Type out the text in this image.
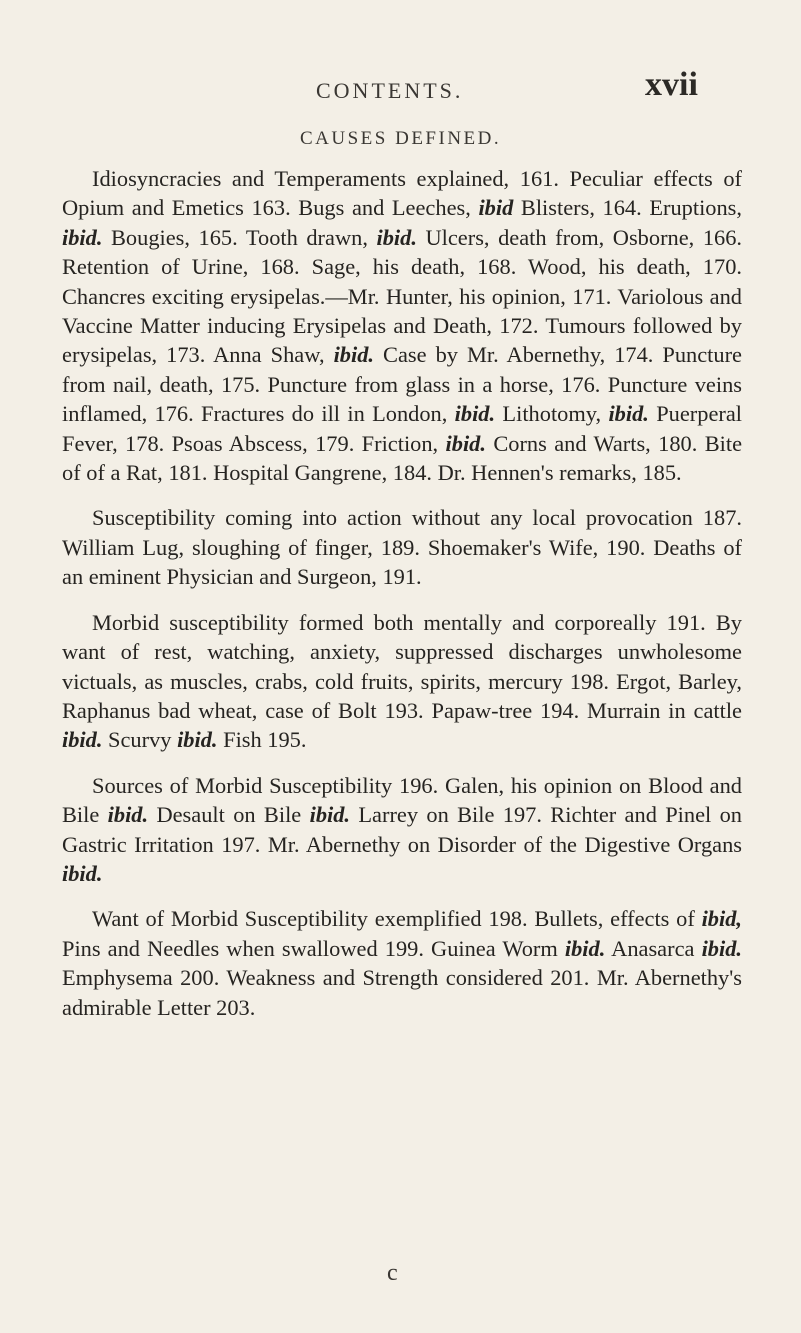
CONTENTS.	xvii
CAUSES DEFINED.

Idiosyncracies and Temperaments explained, 161. Peculiar effects of Opium and Emetics 163. Bugs and Leeches, ibid Blisters, 164. Eruptions, ibid. Bougies, 165. Tooth drawn, ibid. Ulcers, death from, Osborne, 166. Retention of Urine, 168. Sage, his death, 168. Wood, his death, 170. Chancres exciting erysipelas.—Mr. Hunter, his opinion, 171. Variolous and Vaccine Matter inducing Erysipelas and Death, 172. Tumours followed by erysipelas, 173. Anna Shaw, ibid. Case by Mr. Abernethy, 174. Puncture from nail, death, 175. Puncture from glass in a horse, 176. Puncture veins inflamed, 176. Fractures do ill in London, ibid. Lithotomy, ibid. Puerperal Fever, 178. Psoas Abscess, 179. Friction, ibid. Corns and Warts, 180. Bite of of a Rat, 181. Hospital Gangrene, 184. Dr. Hennen's remarks, 185.

Susceptibility coming into action without any local provocation 187. William Lug, sloughing of finger, 189. Shoemaker's Wife, 190. Deaths of an eminent Physician and Surgeon, 191.

Morbid susceptibility formed both mentally and corporeally 191. By want of rest, watching, anxiety, suppressed discharges unwholesome victuals, as muscles, crabs, cold fruits, spirits, mercury 198. Ergot, Barley, Raphanus bad wheat, case of Bolt 193. Papaw-tree 194. Murrain in cattle ibid. Scurvy ibid. Fish 195.

Sources of Morbid Susceptibility 196. Galen, his opinion on Blood and Bile ibid. Desault on Bile ibid. Larrey on Bile 197. Richter and Pinel on Gastric Irritation 197. Mr. Abernethy on Disorder of the Digestive Organs ibid.

Want of Morbid Susceptibility exemplified 198. Bullets, effects of ibid, Pins and Needles when swallowed 199. Guinea Worm ibid. Anasarca ibid. Emphysema 200. Weakness and Strength considered 201. Mr. Abernethy's admirable Letter 203.

c
